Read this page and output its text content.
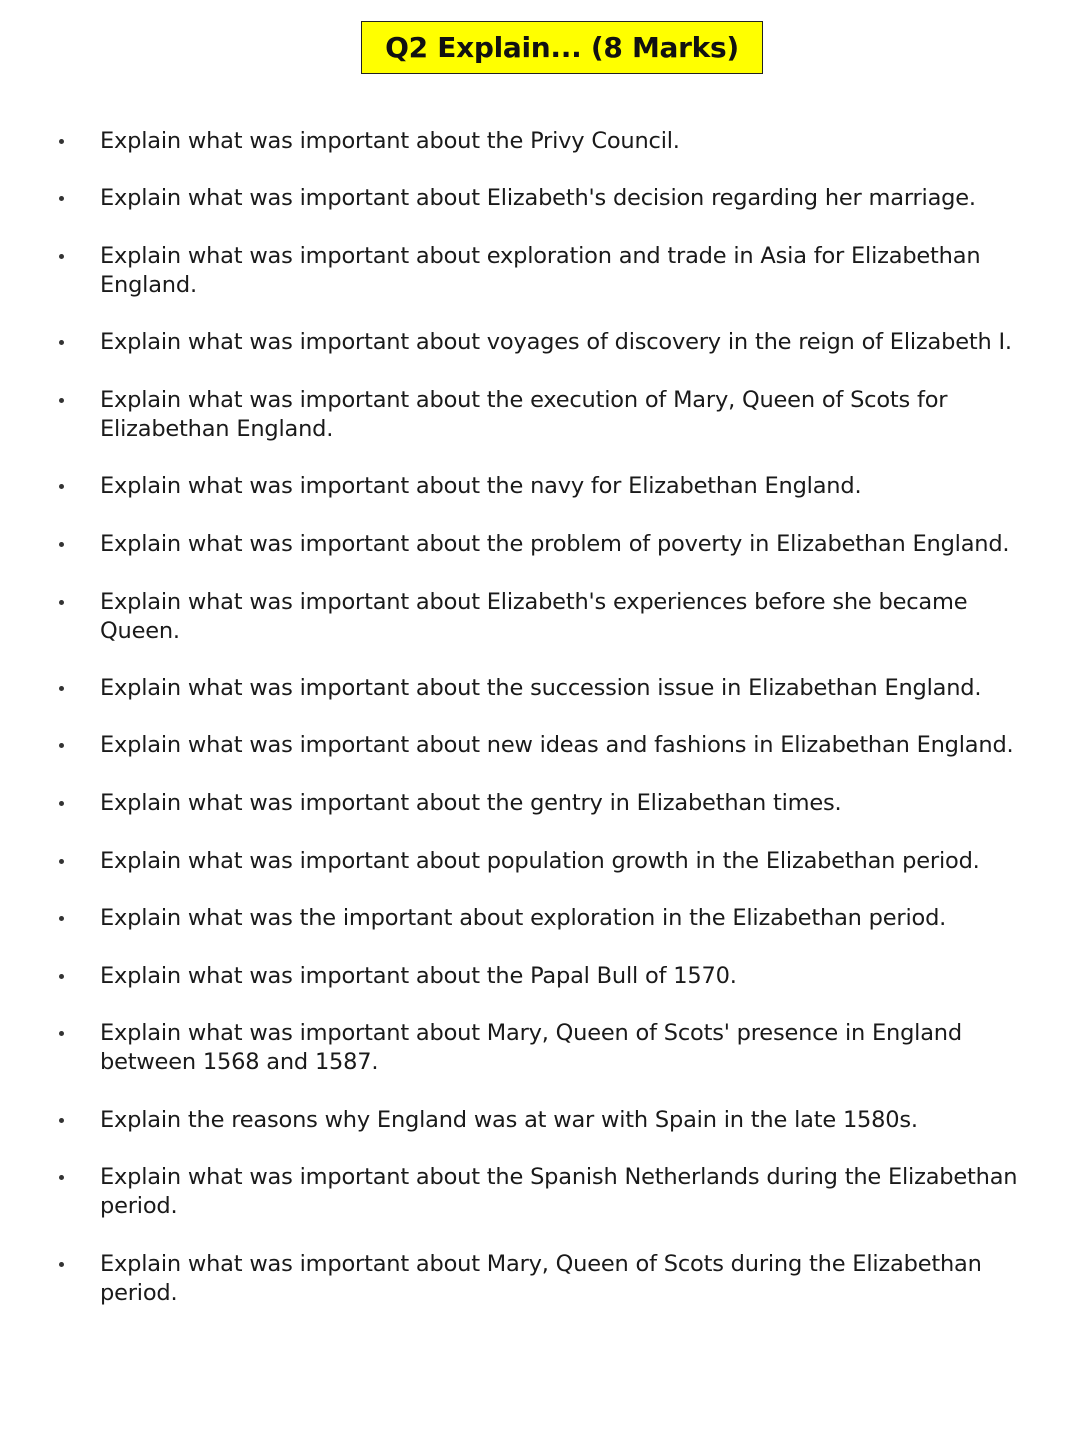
Q2 Explain... (8 Marks)
Explain what was important about the Privy Council.
Explain what was important about Elizabeth's decision regarding her marriage.
Explain what was important about exploration and trade in Asia for Elizabethan England.
Explain what was important about voyages of discovery in the reign of Elizabeth I.
Explain what was important about the execution of Mary, Queen of Scots for Elizabethan England.
Explain what was important about the navy for Elizabethan England.
Explain what was important about the problem of poverty in Elizabethan England.
Explain what was important about Elizabeth's experiences before she became Queen.
Explain what was important about the succession issue in Elizabethan England.
Explain what was important about new ideas and fashions in Elizabethan England.
Explain what was important about the gentry in Elizabethan times.
Explain what was important about population growth in the Elizabethan period.
Explain what was the important about exploration in the Elizabethan period.
Explain what was important about the Papal Bull of 1570.
Explain what was important about Mary, Queen of Scots' presence in England between 1568 and 1587.
Explain the reasons why England was at war with Spain in the late 1580s.
Explain what was important about the Spanish Netherlands during the Elizabethan period.
Explain what was important about Mary, Queen of Scots during the Elizabethan period.
